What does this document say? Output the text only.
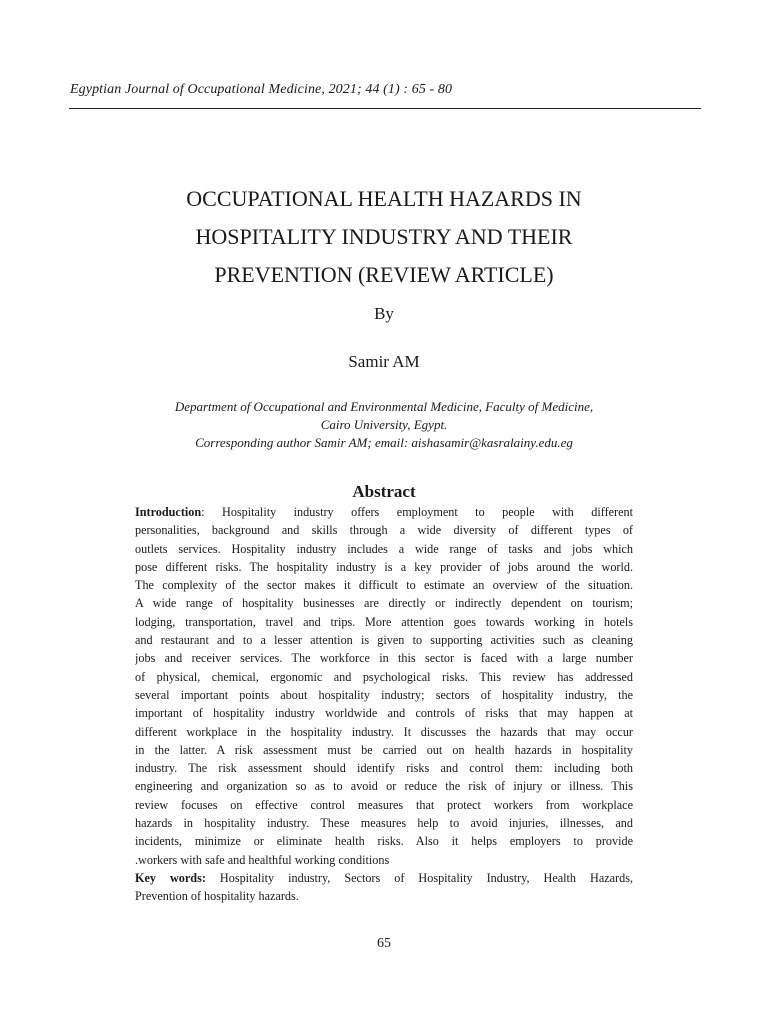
Egyptian Journal of Occupational Medicine, 2021; 44 (1) : 65 - 80
OCCUPATIONAL HEALTH HAZARDS IN
HOSPITALITY INDUSTRY AND THEIR
PREVENTION (REVIEW ARTICLE)
By
Samir AM
Department of Occupational and Environmental Medicine, Faculty of Medicine,
Cairo University, Egypt.
Corresponding author Samir AM; email: aishasamir@kasralainy.edu.eg
Abstract
Introduction: Hospitality industry offers employment to people with different
personalities, background and skills through a wide diversity of different types of
outlets services. Hospitality industry includes a wide range of tasks and jobs which
pose different risks. The hospitality industry is a key provider of jobs around the world.
The complexity of the sector makes it difficult to estimate an overview of the situation.
A wide range of hospitality businesses are directly or indirectly dependent on tourism;
lodging, transportation, travel and trips. More attention goes towards working in hotels
and restaurant and to a lesser attention is given to supporting activities such as cleaning
jobs and receiver services. The workforce in this sector is faced with a large number
of physical, chemical, ergonomic and psychological risks. This review has addressed
several important points about hospitality industry; sectors of hospitality industry, the
important of hospitality industry worldwide and controls of risks that may happen at
different workplace in the hospitality industry. It discusses the hazards that may occur
in the latter. A risk assessment must be carried out on health hazards in hospitality
industry. The risk assessment should identify risks and control them: including both
engineering and organization so as to avoid or reduce the risk of injury or illness. This
review focuses on effective control measures that protect workers from workplace
hazards in hospitality industry. These measures help to avoid injuries, illnesses, and
incidents, minimize or eliminate health risks. Also it helps employers to provide
.workers with safe and healthful working conditions
Key words: Hospitality industry, Sectors of Hospitality Industry, Health Hazards,
Prevention of hospitality hazards.
65
